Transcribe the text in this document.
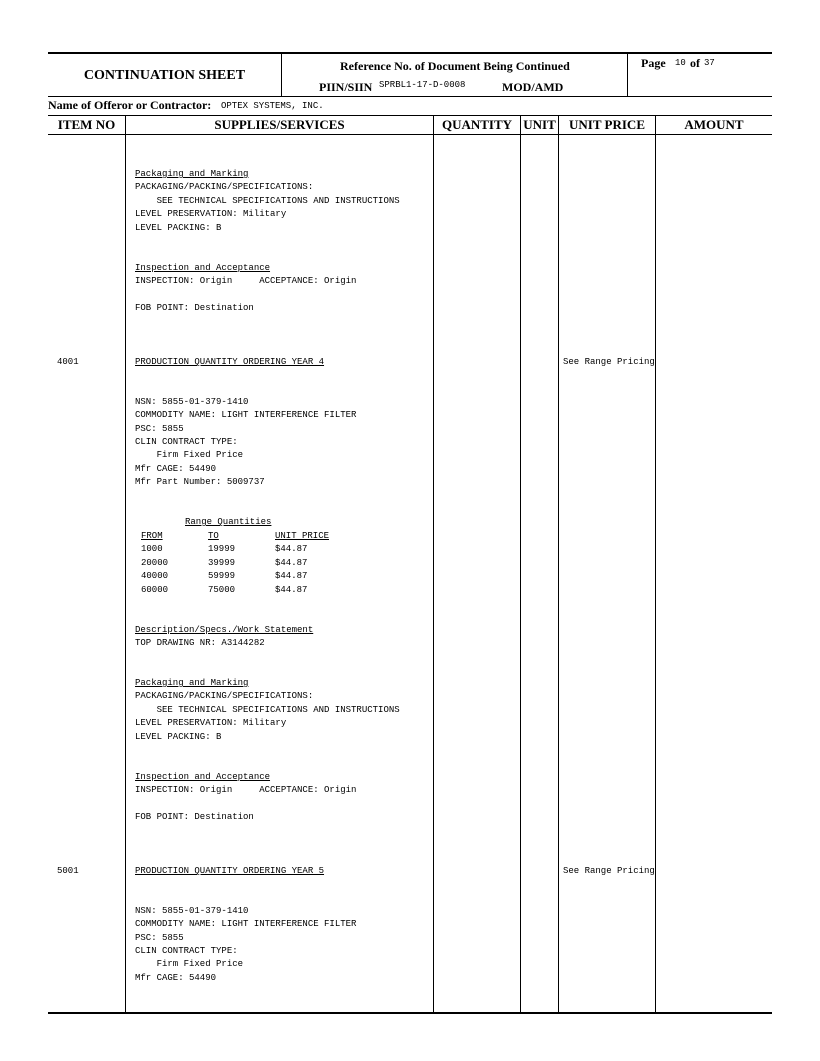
CONTINUATION SHEET
Reference No. of Document Being Continued
PIIN/SIIN SPRBL1-17-D-0008	MOD/AMD
Page 10 of 37
Name of Offeror or Contractor: OPTEX SYSTEMS, INC.
ITEM NO	SUPPLIES/SERVICES	QUANTITY UNIT	UNIT PRICE	AMOUNT
Packaging and Marking
PACKAGING/PACKING/SPECIFICATIONS:
SEE TECHNICAL SPECIFICATIONS AND INSTRUCTIONS
LEVEL PRESERVATION: Military
LEVEL PACKING: B
Inspection and Acceptance
INSPECTION: Origin     ACCEPTANCE: Origin
FOB POINT: Destination
4001	PRODUCTION QUANTITY ORDERING YEAR 4	See Range Pricing
NSN: 5855-01-379-1410
COMMODITY NAME: LIGHT INTERFERENCE FILTER
PSC: 5855
CLIN CONTRACT TYPE:
Firm Fixed Price
Mfr CAGE: 54490
Mfr Part Number: 5009737
Range Quantities
FROM	TO	UNIT PRICE
1000	19999	$44.87
20000	39999	$44.87
40000	59999	$44.87
60000	75000	$44.87
Description/Specs./Work Statement
TOP DRAWING NR: A3144282
Packaging and Marking
PACKAGING/PACKING/SPECIFICATIONS:
SEE TECHNICAL SPECIFICATIONS AND INSTRUCTIONS
LEVEL PRESERVATION: Military
LEVEL PACKING: B
Inspection and Acceptance
INSPECTION: Origin     ACCEPTANCE: Origin
FOB POINT: Destination
5001	PRODUCTION QUANTITY ORDERING YEAR 5	See Range Pricing
NSN: 5855-01-379-1410
COMMODITY NAME: LIGHT INTERFERENCE FILTER
PSC: 5855
CLIN CONTRACT TYPE:
Firm Fixed Price
Mfr CAGE: 54490
